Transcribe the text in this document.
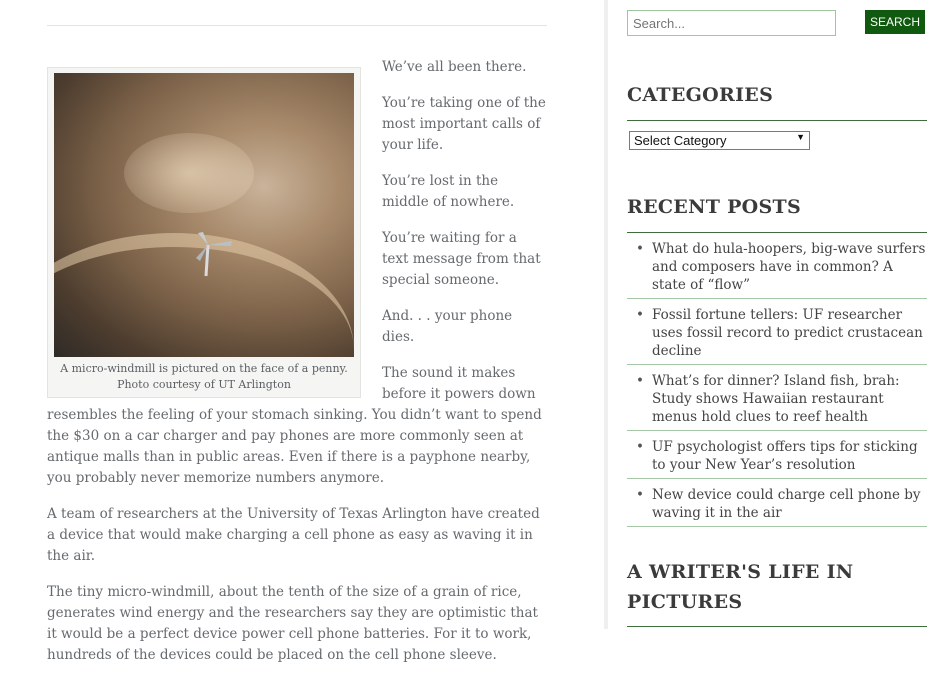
A micro-windmill is pictured on the face of a penny. Photo courtesy of UT Arlington

We’ve all been there.

You’re taking one of the most important calls of your life.

You’re lost in the middle of nowhere.

You’re waiting for a text message from that special someone.

And. . . your phone dies.

The sound it makes before it powers down resembles the feeling of your stomach sinking. You didn’t want to spend the $30 on a car charger and pay phones are more commonly seen at antique malls than in public areas. Even if there is a payphone nearby, you probably never memorize numbers anymore.

A team of researchers at the University of Texas Arlington have created a device that would make charging a cell phone as easy as waving it in the air.

The tiny micro-windmill, about the tenth of the size of a grain of rice, generates wind energy and the researchers say they are optimistic that it would be a perfect device power cell phone batteries. For it to work, hundreds of the devices could be placed on the cell phone sleeve.

Search...
SEARCH
CATEGORIES
Select Category	▼
RECENT POSTS
• What do hula-hoopers, big-wave surfers and composers have in common? A state of “flow”
• Fossil fortune tellers: UF researcher uses fossil record to predict crustacean decline
• What’s for dinner? Island fish, brah: Study shows Hawaiian restaurant menus hold clues to reef health
• UF psychologist offers tips for sticking to your New Year’s resolution
• New device could charge cell phone by waving it in the air
A WRITER'S LIFE IN PICTURES
